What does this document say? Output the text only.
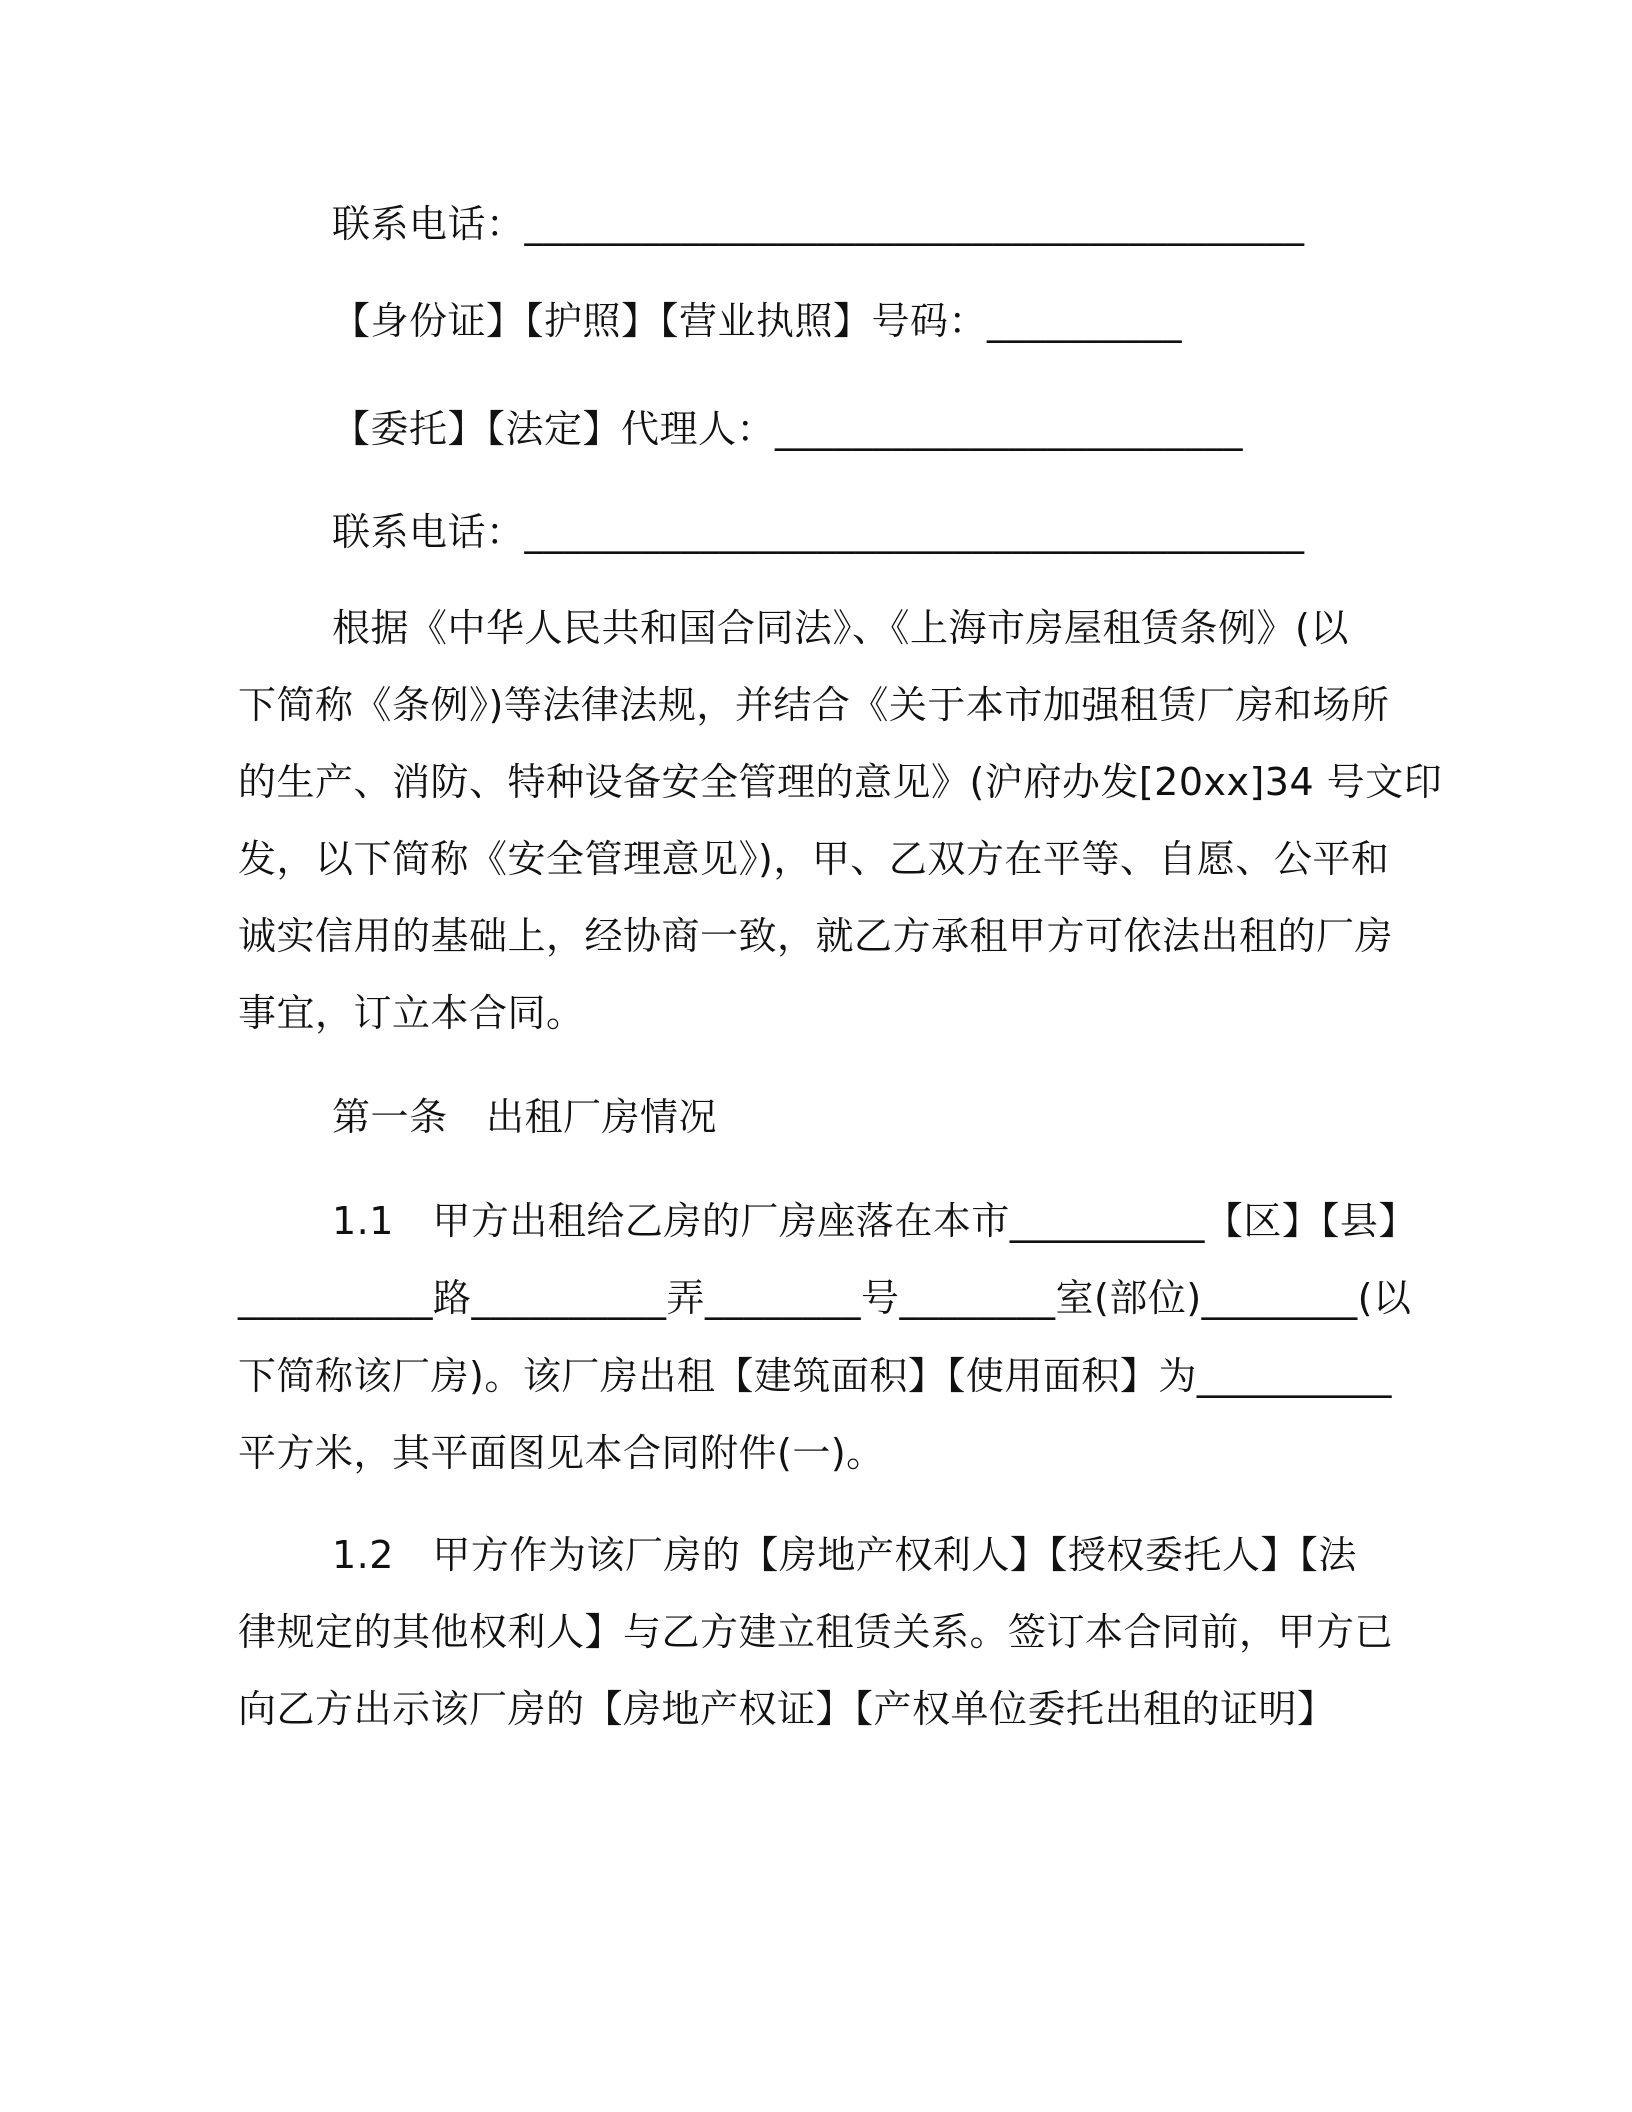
联系电话：________________________________________

【身份证】【护照】【营业执照】号码：__________

【委托】【法定】代理人：________________________

联系电话：________________________________________

根据《中华人民共和国合同法》、《上海市房屋租赁条例》(以

下简称《条例》)等法律法规，并结合《关于本市加强租赁厂房和场所

的生产、消防、特种设备安全管理的意见》(沪府办发[20xx]34 号文印

发，以下简称《安全管理意见》)，甲、乙双方在平等、自愿、公平和

诚实信用的基础上，经协商一致，就乙方承租甲方可依法出租的厂房

事宜，订立本合同。

第一条　出租厂房情况

1.1　甲方出租给乙房的厂房座落在本市__________【区】【县】

__________路__________弄________号________室(部位)________(以

下简称该厂房)。该厂房出租【建筑面积】【使用面积】为__________

平方米，其平面图见本合同附件(一)。

1.2　甲方作为该厂房的【房地产权利人】【授权委托人】【法

律规定的其他权利人】与乙方建立租赁关系。签订本合同前，甲方已

向乙方出示该厂房的【房地产权证】【产权单位委托出租的证明】
